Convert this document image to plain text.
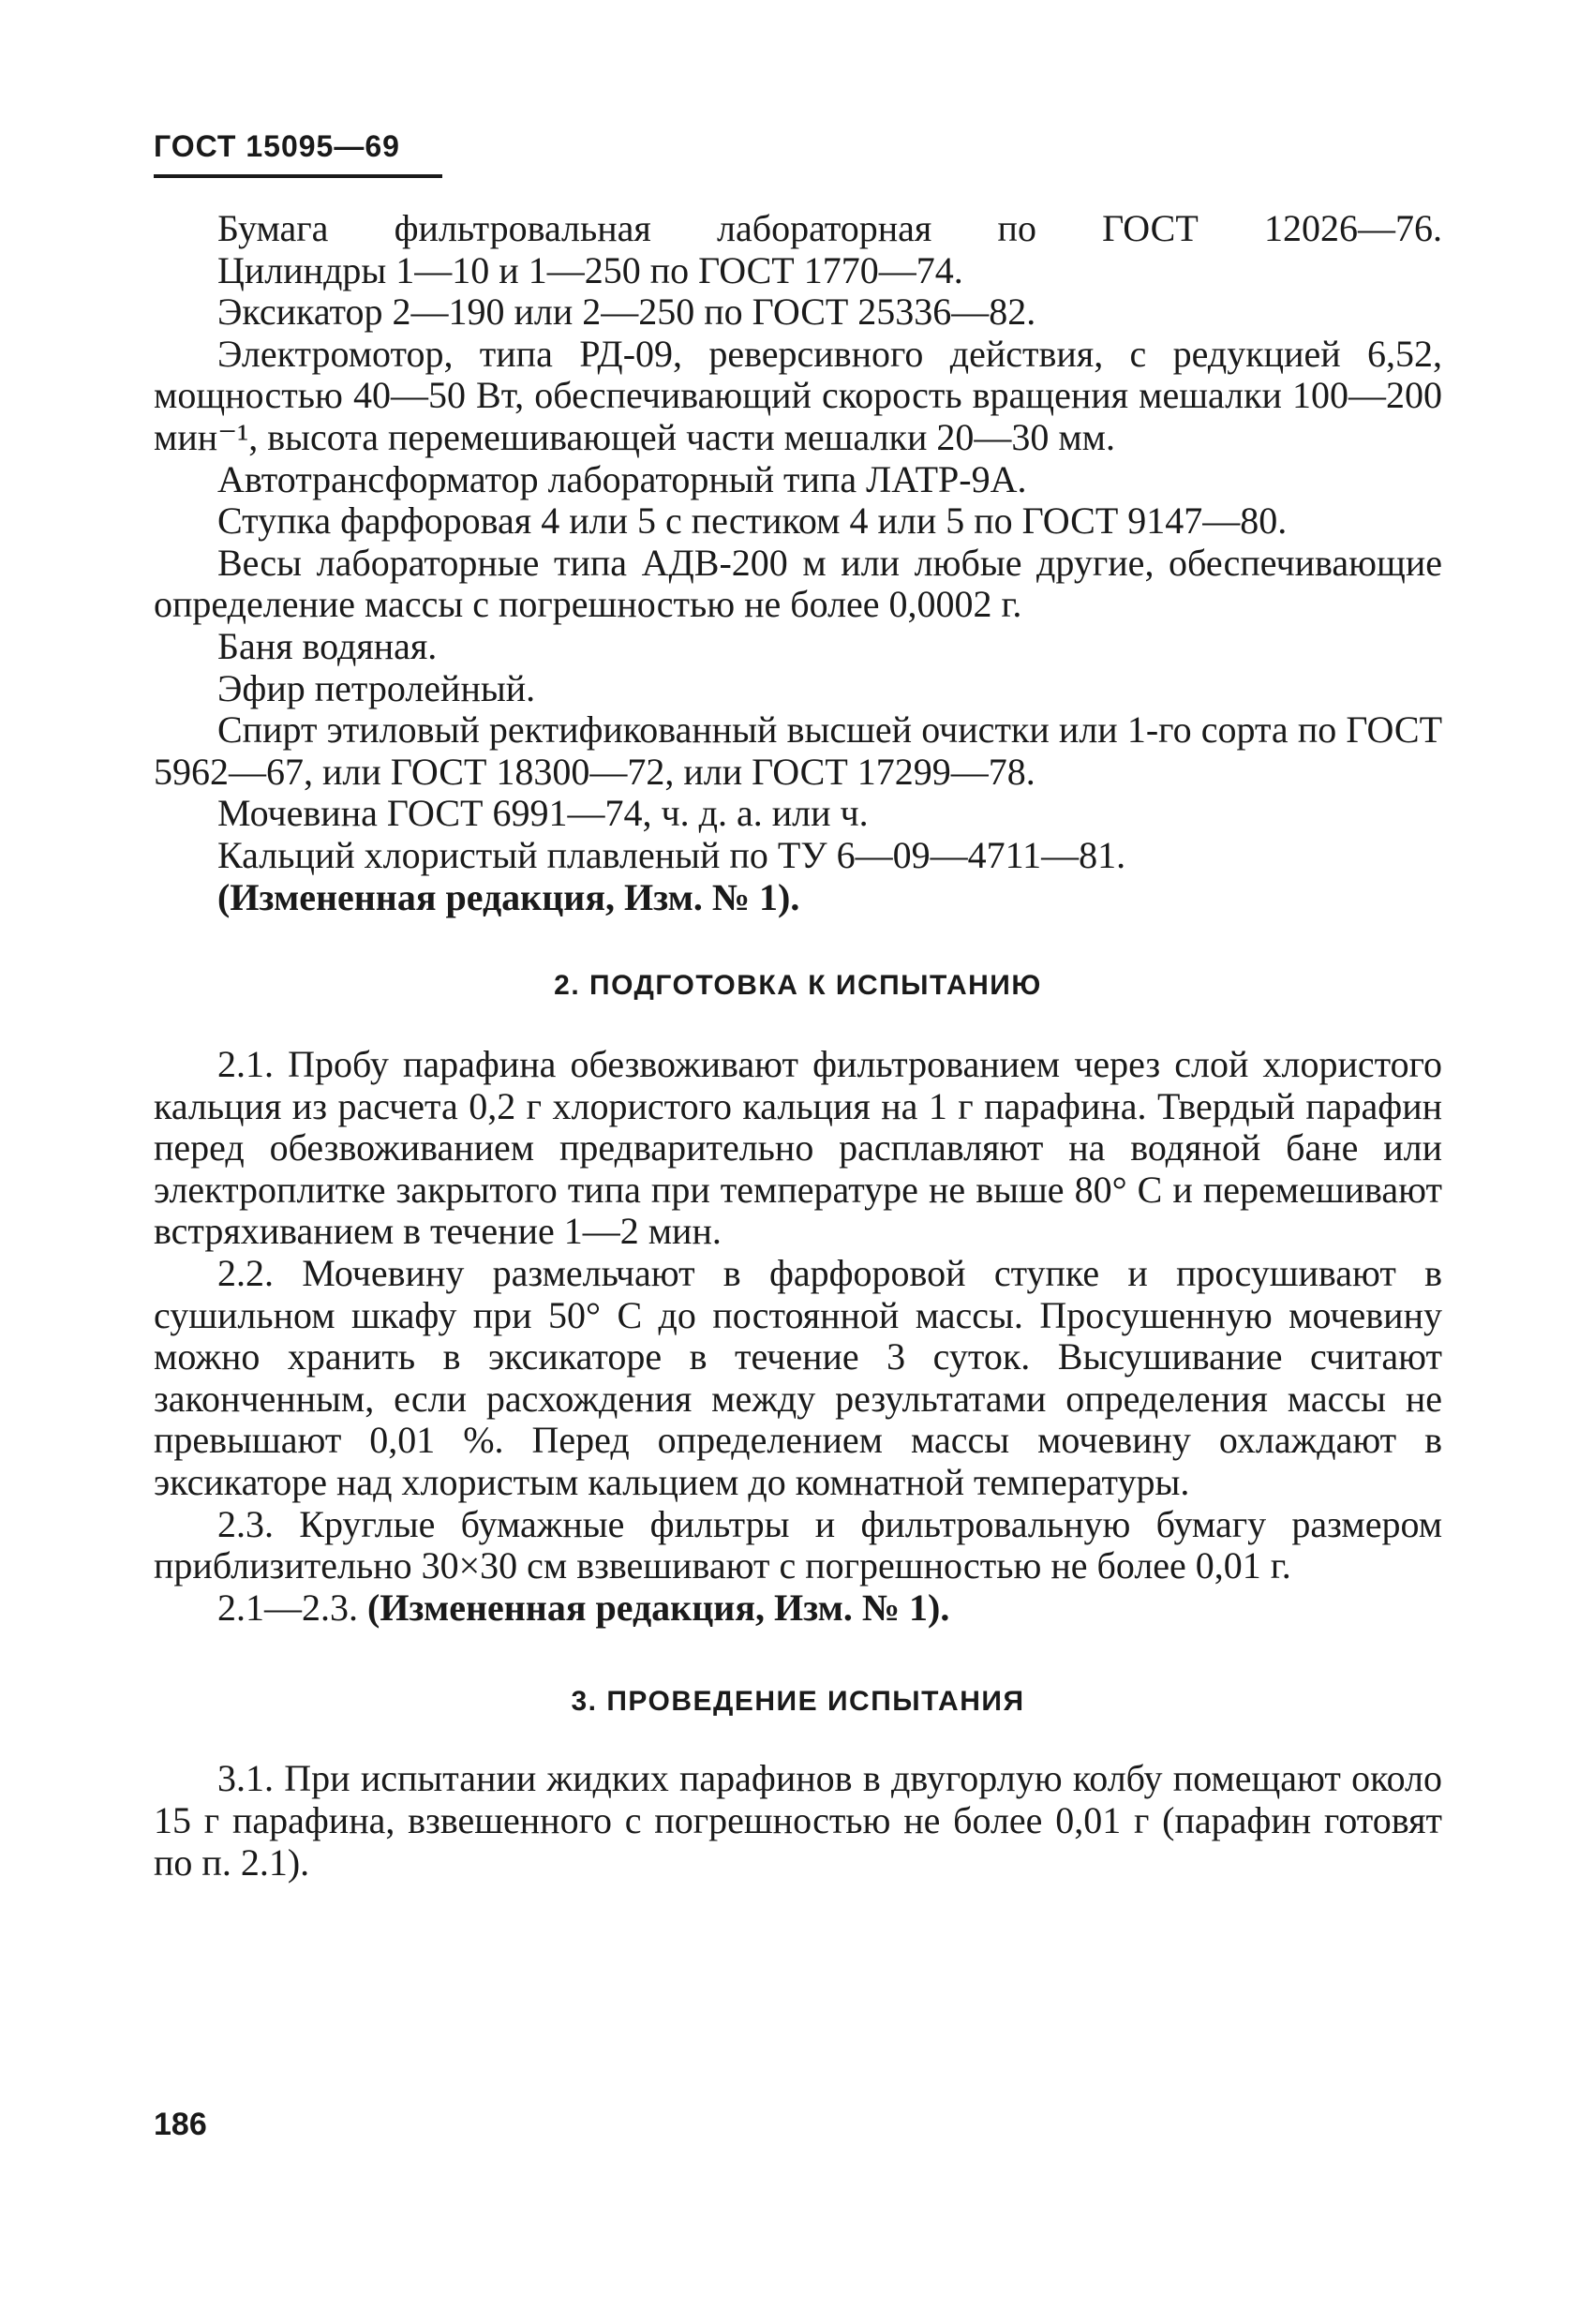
ГОСТ 15095—69

Бумага фильтровальная лабораторная по ГОСТ 12026—76.

Цилиндры 1—10 и 1—250 по ГОСТ 1770—74.

Эксикатор 2—190 или 2—250 по ГОСТ 25336—82.

Электромотор, типа РД-09, реверсивного действия, с редукцией 6,52, мощностью 40—50 Вт, обеспечивающий скорость вращения мешалки 100—200 мин⁻¹, высота перемешивающей части мешалки 20—30 мм.

Автотрансформатор лабораторный типа ЛАТР-9А.

Ступка фарфоровая 4 или 5 с пестиком 4 или 5 по ГОСТ 9147—80.

Весы лабораторные типа АДВ-200 м или любые другие, обеспечивающие определение массы с погрешностью не более 0,0002 г.

Баня водяная.

Эфир петролейный.

Спирт этиловый ректификованный высшей очистки или 1-го сорта по ГОСТ 5962—67, или ГОСТ 18300—72, или ГОСТ 17299—78.

Мочевина ГОСТ 6991—74, ч. д. а. или ч.

Кальций хлористый плавленый по ТУ 6—09—4711—81.

(Измененная редакция, Изм. № 1).

2. ПОДГОТОВКА К ИСПЫТАНИЮ

2.1. Пробу парафина обезвоживают фильтрованием через слой хлористого кальция из расчета 0,2 г хлористого кальция на 1 г парафина. Твердый парафин перед обезвоживанием предварительно расплавляют на водяной бане или электроплитке закрытого типа при температуре не выше 80° С и перемешивают встряхиванием в течение 1—2 мин.

2.2. Мочевину размельчают в фарфоровой ступке и просушивают в сушильном шкафу при 50° С до постоянной массы. Просушенную мочевину можно хранить в эксикаторе в течение 3 суток. Высушивание считают законченным, если расхождения между результатами определения массы не превышают 0,01 %. Перед определением массы мочевину охлаждают в эксикаторе над хлористым кальцием до комнатной температуры.

2.3. Круглые бумажные фильтры и фильтровальную бумагу размером приблизительно 30×30 см взвешивают с погрешностью не более 0,01 г.

2.1—2.3. (Измененная редакция, Изм. № 1).

3. ПРОВЕДЕНИЕ ИСПЫТАНИЯ

3.1. При испытании жидких парафинов в двугорлую колбу помещают около 15 г парафина, взвешенного с погрешностью не более 0,01 г (парафин готовят по п. 2.1).

186
